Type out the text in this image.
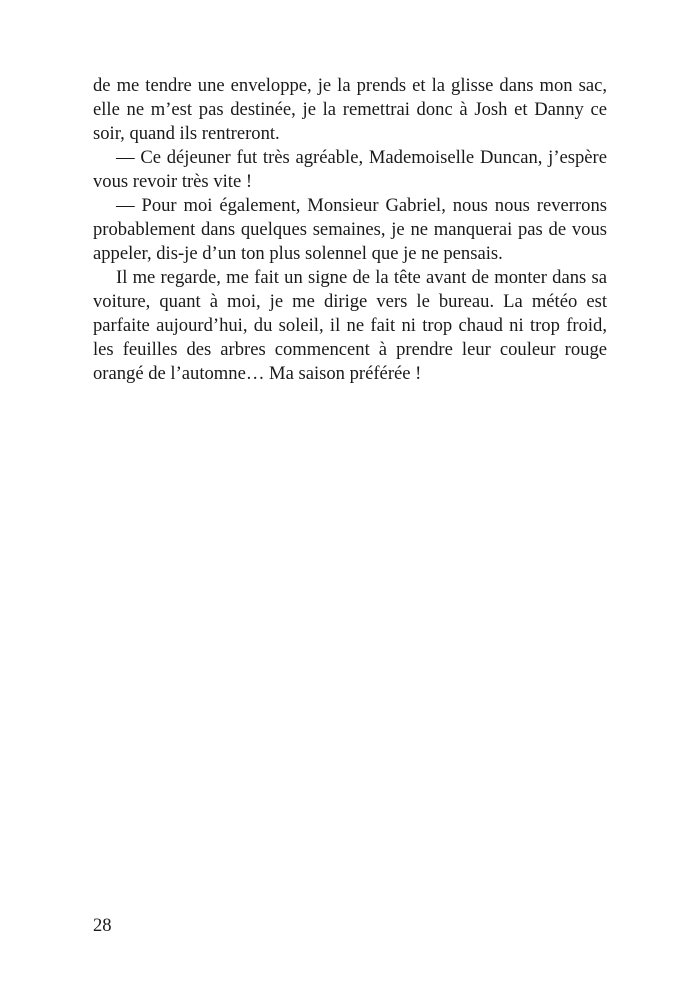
de me tendre une enveloppe, je la prends et la glisse dans mon sac, elle ne m’est pas destinée, je la remettrai donc à Josh et Danny ce soir, quand ils rentreront.

— Ce déjeuner fut très agréable, Mademoiselle Duncan, j’espère vous revoir très vite !

— Pour moi également, Monsieur Gabriel, nous nous reverrons probablement dans quelques semaines, je ne manquerai pas de vous appeler, dis-je d’un ton plus solennel que je ne pensais.

Il me regarde, me fait un signe de la tête avant de monter dans sa voiture, quant à moi, je me dirige vers le bureau. La météo est parfaite aujourd’hui, du soleil, il ne fait ni trop chaud ni trop froid, les feuilles des arbres commencent à prendre leur couleur rouge orangé de l’automne… Ma saison préférée !

28
